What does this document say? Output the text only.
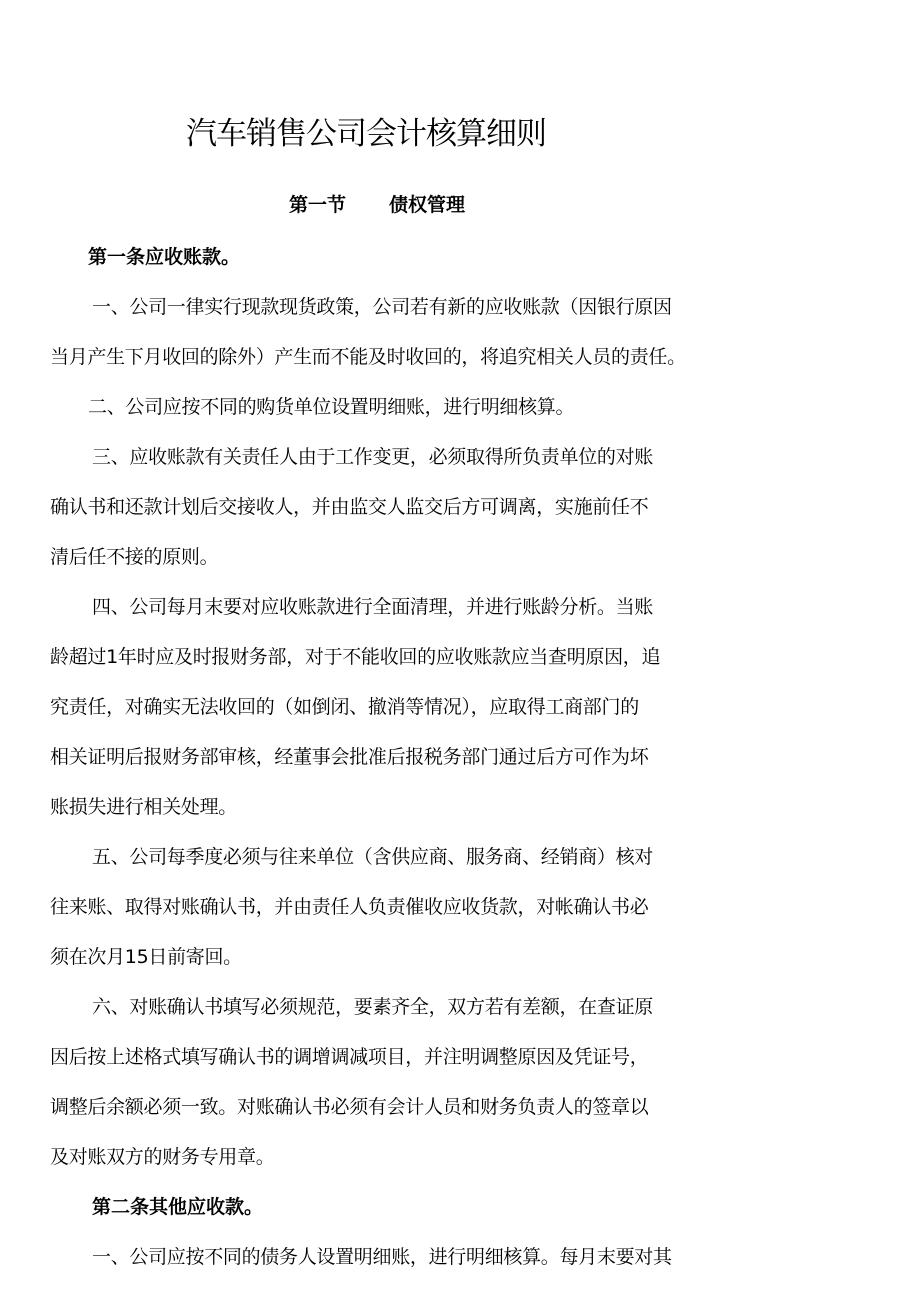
汽车销售公司会计核算细则
第一节 债权管理
第一条应收账款。
一、公司一律实行现款现货政策，公司若有新的应收账款（因银行原因
当月产生下月收回的除外）产生而不能及时收回的，将追究相关人员的责任。
二、公司应按不同的购货单位设置明细账，进行明细核算。
三、应收账款有关责任人由于工作变更，必须取得所负责单位的对账
确认书和还款计划后交接收人，并由监交人监交后方可调离，实施前任不
清后任不接的原则。
四、公司每月末要对应收账款进行全面清理，并进行账龄分析。当账
龄超过1年时应及时报财务部，对于不能收回的应收账款应当查明原因，追
究责任，对确实无法收回的（如倒闭、撤消等情况），应取得工商部门的
相关证明后报财务部审核，经董事会批准后报税务部门通过后方可作为坏
账损失进行相关处理。
五、公司每季度必须与往来单位（含供应商、服务商、经销商）核对
往来账、取得对账确认书，并由责任人负责催收应收货款，对帐确认书必
须在次月15日前寄回。
六、对账确认书填写必须规范，要素齐全，双方若有差额，在查证原
因后按上述格式填写确认书的调增调减项目，并注明调整原因及凭证号，
调整后余额必须一致。对账确认书必须有会计人员和财务负责人的签章以
及对账双方的财务专用章。
第二条其他应收款。
一、公司应按不同的债务人设置明细账，进行明细核算。每月末要对其
